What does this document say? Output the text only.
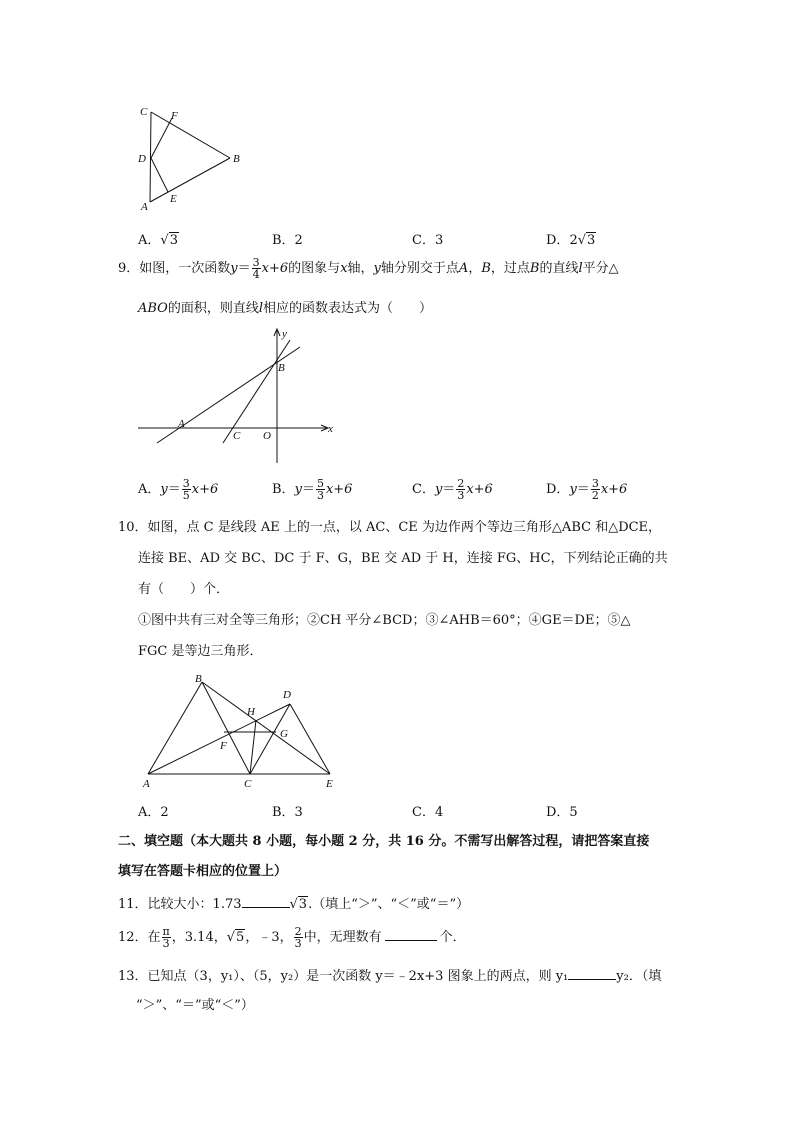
C F
D	B
E
A
A．√3	B．2	C．3	D．2√3
9．如图，一次函数$y= \frac{3}{4} x+6$的图象与x轴，y轴分别交于点A，B，过点B的直线l平分△
ABO的面积，则直线l相应的函数表达式为（　　）
y
B
A
C O
x
A．$y= \frac{3}{5} x+6$	B．$y= \frac{5}{3} x+6$	C．$y= \frac{2}{3} x+6$	D．$y= \frac{3}{2} x+6$
10．如图，点 C 是线段 AE 上的一点，以 AC、CE 为边作两个等边三角形△ABC 和△DCE，
连接 BE、AD 交 BC、DC 于 F、G，BE 交 AD 于 H，连接 FG、HC，下列结论正确的共
有（　　）个．
①图中共有三对全等三角形；②CH 平分∠BCD；③∠AHB＝60°；④GE＝DE；⑤△
FGC 是等边三角形．
B
D
H
G
F
A	C	E
A．2	B．3	C．4	D．5
二、填空题（本大题共 8 小题，每小题 2 分，共 16 分。不需写出解答过程，请把答案直接
填写在答题卡相应的位置上）
11．比较大小：1.73	√3.（填上“＞”、“＜”或“＝”）
12．在 $\frac{\pi}{3}$ ，3.14，√5，﹣3， $\frac{2}{3}$ 中，无理数有	个．
13．已知点（3，y₁）、（5，y₂）是一次函数 y＝﹣2x+3 图象上的两点，则 y₁	y₂．（填
“＞”、“＝”或“＜”）
